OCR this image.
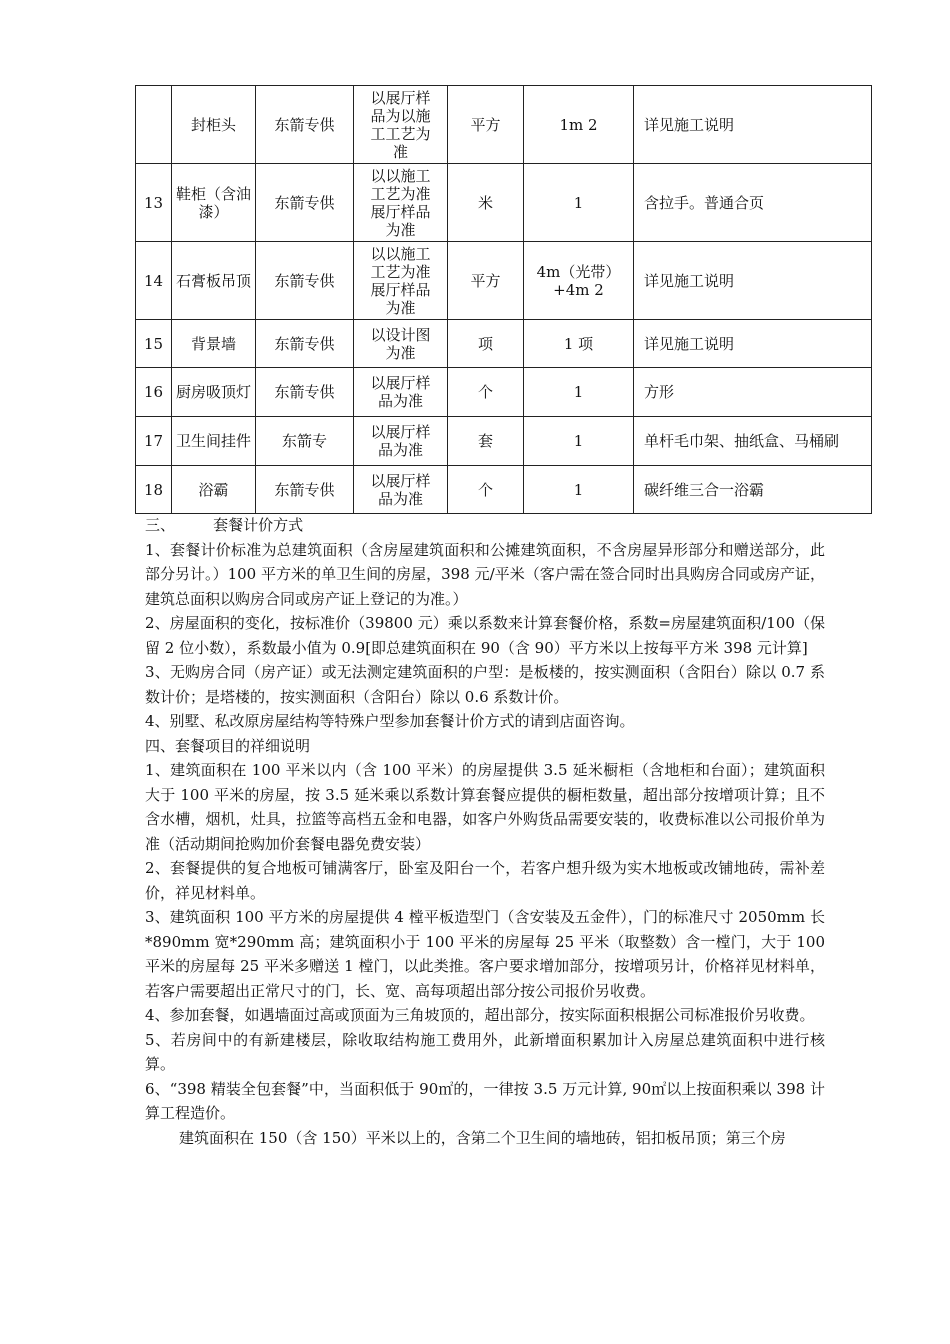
	封柜头	东箭专供	以展厅样品为以施工工艺为准	平方	1m 2	详见施工说明
13	鞋柜（含油漆）	东箭专供	以以施工工艺为准展厅样品为准	米	1	含拉手。普通合页
14	石膏板吊顶	东箭专供	以以施工工艺为准展厅样品为准	平方	4m（光带）+4m 2	详见施工说明
15	背景墙	东箭专供	以设计图为准	项	1 项	详见施工说明
16	厨房吸顶灯	东箭专供	以展厅样品为准	个	1	方形
17	卫生间挂件	东箭专	以展厅样品为准	套	1	单杆毛巾架、抽纸盒、马桶刷
18	浴霸	东箭专供	以展厅样品为准	个	1	碳纤维三合一浴霸

三、        套餐计价方式

1、套餐计价标准为总建筑面积（含房屋建筑面积和公摊建筑面积，不含房屋异形部分和赠送部分，此部分另计。）100 平方米的单卫生间的房屋，398 元/平米（客户需在签合同时出具购房合同或房产证，建筑总面积以购房合同或房产证上登记的为准。）

2、房屋面积的变化，按标准价（39800 元）乘以系数来计算套餐价格，系数=房屋建筑面积/100（保留 2 位小数），系数最小值为 0.9[即总建筑面积在 90（含 90）平方米以上按每平方米 398 元计算]

3、无购房合同（房产证）或无法测定建筑面积的户型：是板楼的，按实测面积（含阳台）除以 0.7 系数计价；是塔楼的，按实测面积（含阳台）除以 0.6 系数计价。

4、别墅、私改原房屋结构等特殊户型参加套餐计价方式的请到店面咨询。

四、套餐项目的祥细说明

1、建筑面积在 100 平米以内（含 100 平米）的房屋提供 3.5 延米橱柜（含地柜和台面）；建筑面积大于 100 平米的房屋，按 3.5 延米乘以系数计算套餐应提供的橱柜数量，超出部分按增项计算；且不含水槽，烟机，灶具，拉篮等高档五金和电器，如客户外购货品需要安装的，收费标准以公司报价单为准（活动期间抢购加价套餐电器免费安装）

2、套餐提供的复合地板可铺满客厅，卧室及阳台一个，若客户想升级为实木地板或改铺地砖，需补差价，祥见材料单。

3、建筑面积 100 平方米的房屋提供 4 樘平板造型门（含安装及五金件），门的标准尺寸 2050mm 长*890mm 宽*290mm 高；建筑面积小于 100 平米的房屋每 25 平米（取整数）含一樘门，大于 100 平米的房屋每 25 平米多赠送 1 樘门，以此类推。客户要求增加部分，按增项另计，价格祥见材料单，若客户需要超出正常尺寸的门，长、宽、高每项超出部分按公司报价另收费。

4、参加套餐，如遇墙面过高或顶面为三角坡顶的，超出部分，按实际面积根据公司标准报价另收费。

5、若房间中的有新建楼层，除收取结构施工费用外，此新增面积累加计入房屋总建筑面积中进行核算。

6、“398 精装全包套餐”中，当面积低于 90㎡的，一律按 3.5 万元计算, 90㎡以上按面积乘以 398 计算工程造价。

建筑面积在 150（含 150）平米以上的，含第二个卫生间的墙地砖，铝扣板吊顶；第三个房
